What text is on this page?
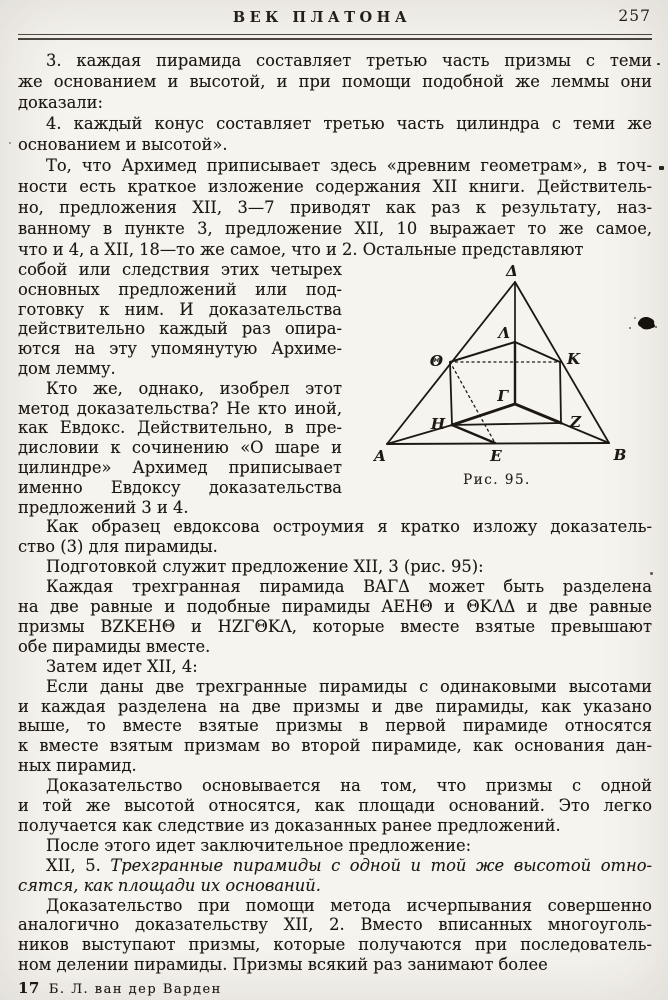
ВЕК ПЛАТОНА	257
3. каждая пирамида составляет третью часть призмы с теми
же основанием и высотой, и при помощи подобной же леммы они
доказали:
4. каждый конус составляет третью часть цилиндра с теми же
основанием и высотой».
То, что Архимед приписывает здесь «древним геометрам», в точ-
ности есть краткое изложение содержания XII книги. Действитель-
но, предложения XII, 3—7 приводят как раз к результату, наз-
ванному в пункте 3, предложение XII, 10 выражает то же самое,
что и 4, а XII, 18—то же самое, что и 2. Остальные представляют
Δ
Λ
Θ	K
Γ
H	Z
A	E	B
Рис. 95.
собой или следствия этих четырех
основных предложений или под-
готовку к ним. И доказательства
действительно каждый раз опира-
ются на эту упомянутую Архиме-
дом лемму.
Кто же, однако, изобрел этот
метод доказательства? Не кто иной,
как Евдокс. Действительно, в пре-
дисловии к сочинению «О шаре и
цилиндре» Архимед приписывает
именно Евдоксу доказательства
предложений 3 и 4.
Как образец евдоксова остроумия я кратко изложу доказатель-
ство (3) для пирамиды.
Подготовкой служит предложение XII, 3 (рис. 95):
Каждая трехгранная пирамида BAΓΔ может быть разделена
на две равные и подобные пирамиды AEHΘ и ΘΚΛΔ и две равные
призмы BZKEHΘ и HZΓΘΚΛ, которые вместе взятые превышают
обе пирамиды вместе.
Затем идет XII, 4:
Если даны две трехгранные пирамиды с одинаковыми высотами
и каждая разделена на две призмы и две пирамиды, как указано
выше, то вместе взятые призмы в первой пирамиде относятся
к вместе взятым призмам во второй пирамиде, как основания дан-
ных пирамид.
Доказательство основывается на том, что призмы с одной
и той же высотой относятся, как площади оснований. Это легко
получается как следствие из доказанных ранее предложений.
После этого идет заключительное предложение:
XII, 5. Трехгранные пирамиды с одной и той же высотой отно-
сятся, как площади их оснований.
Доказательство при помощи метода исчерпывания совершенно
аналогично доказательству XII, 2. Вместо вписанных многоуголь-
ников выступают призмы, которые получаются при последователь-
ном делении пирамиды. Призмы всякий раз занимают более
17 Б. Л. ван дер Варден
